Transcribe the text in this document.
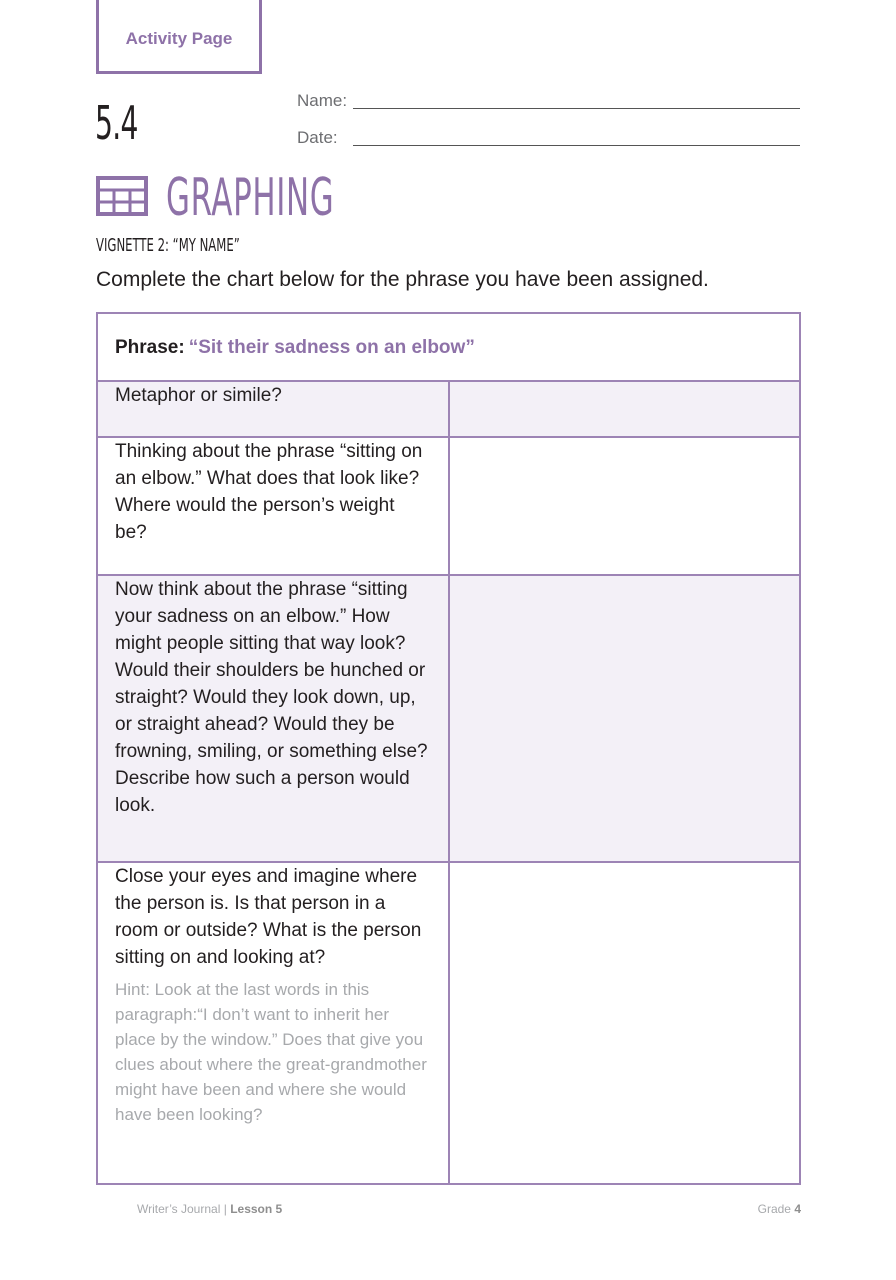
Activity Page
5.4	Name:
Date:
GRAPHING
VIGNETTE 2: “MY NAME”
Complete the chart below for the phrase you have been assigned.
Phrase: “Sit their sadness on an elbow”	
Metaphor or simile?	
Thinking about the phrase “sitting on an elbow.” What does that look like? Where would the person’s weight be?	
Now think about the phrase “sitting your sadness on an elbow.” How might people sitting that way look? Would their shoulders be hunched or straight? Would they look down, up, or straight ahead? Would they be frowning, smiling, or something else? Describe how such a person would look.	

Close your eyes and imagine where the person is. Is that person in a room or outside? What is the person sitting on and looking at?
Hint: Look at the last words in this paragraph:“I don’t want to inherit her place by the window.” Does that give you clues about where the great-grandmother might have been and where she would have been looking?	

Writer’s Journal | Lesson 5	Grade 4
